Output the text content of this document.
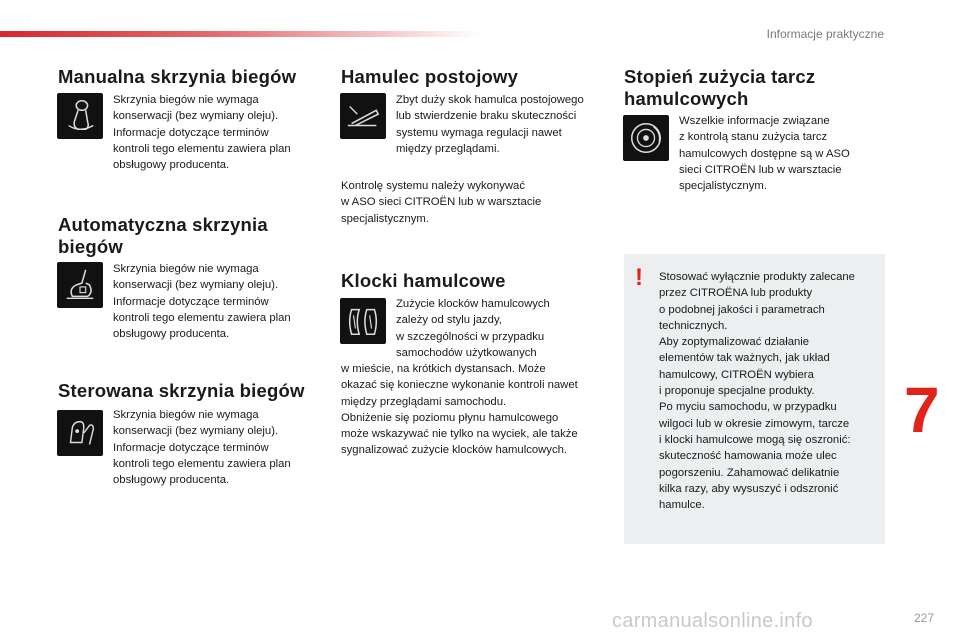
Informacje praktyczne
Manualna skrzynia biegów

Skrzynia biegów nie wymaga
konserwacji (bez wymiany oleju).
Informacje dotyczące terminów
kontroli tego elementu zawiera plan
obsługowy producenta.

Automatyczna skrzynia
biegów

Skrzynia biegów nie wymaga
konserwacji (bez wymiany oleju).
Informacje dotyczące terminów
kontroli tego elementu zawiera plan
obsługowy producenta.

Sterowana skrzynia biegów

Skrzynia biegów nie wymaga
konserwacji (bez wymiany oleju).
Informacje dotyczące terminów
kontroli tego elementu zawiera plan
obsługowy producenta.

Hamulec postojowy

Zbyt duży skok hamulca postojowego
lub stwierdzenie braku skuteczności
systemu wymaga regulacji nawet
między przeglądami.

Kontrolę systemu należy wykonywać
w ASO sieci CITROËN lub w warsztacie
specjalistycznym.

Klocki hamulcowe

Zużycie klocków hamulcowych
zależy od stylu jazdy,
w szczególności w przypadku
samochodów użytkowanych

w mieście, na krótkich dystansach. Może
okazać się konieczne wykonanie kontroli nawet
między przeglądami samochodu.
Obniżenie się poziomu płynu hamulcowego
może wskazywać nie tylko na wyciek, ale także
sygnalizować zużycie klocków hamulcowych.

Stopień zużycia tarcz
hamulcowych

Wszelkie informacje związane
z kontrolą stanu zużycia tarcz
hamulcowych dostępne są w ASO
sieci CITROËN lub w warsztacie
specjalistycznym.

! Stosować wyłącznie produkty zalecane
przez CITROËNA lub produkty
o podobnej jakości i parametrach
technicznych.
Aby zoptymalizować działanie
elementów tak ważnych, jak układ
hamulcowy, CITROËN wybiera
i proponuje specjalne produkty.
Po myciu samochodu, w przypadku
wilgoci lub w okresie zimowym, tarcze
i klocki hamulcowe mogą się oszronić:
skuteczność hamowania może ulec
pogorszeniu. Zahamować delikatnie
kilka razy, aby wysuszyć i odszronić
hamulce.

7
carmanualsonline.info	227
